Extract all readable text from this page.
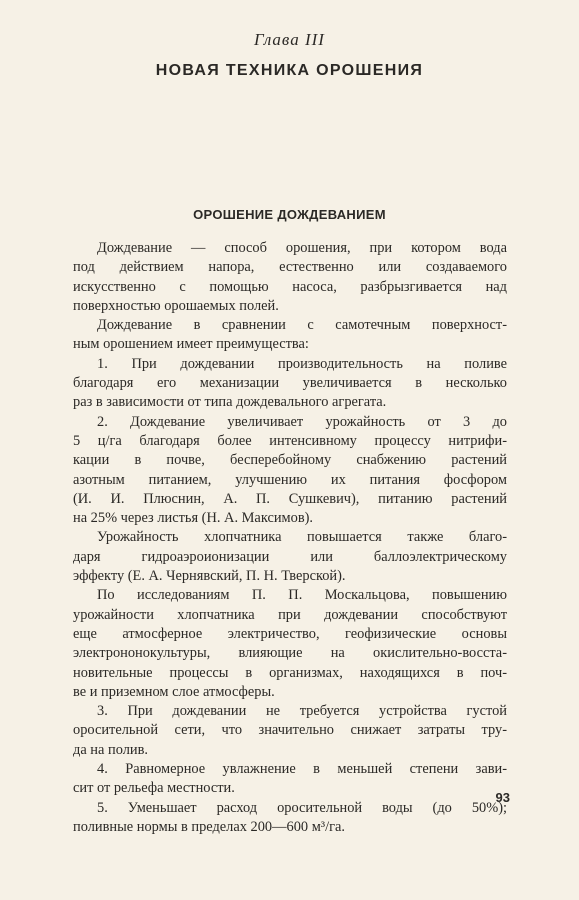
Глава III
НОВАЯ ТЕХНИКА ОРОШЕНИЯ
ОРОШЕНИЕ ДОЖДЕВАНИЕМ
Дождевание — способ орошения, при котором вода
под действием напора, естественно или создаваемого
искусственно с помощью насоса, разбрызгивается над
поверхностью орошаемых полей.
Дождевание в сравнении с самотечным поверхност-
ным орошением имеет преимущества:
1. При дождевании производительность на поливе
благодаря его механизации увеличивается в несколько
раз в зависимости от типа дождевального агрегата.
2. Дождевание увеличивает урожайность от 3 до
5 ц/га благодаря более интенсивному процессу нитрифи-
кации в почве, бесперебойному снабжению растений
азотным питанием, улучшению их питания фосфором
(И. И. Плюснин, А. П. Сушкевич), питанию растений
на 25% через листья (Н. А. Максимов).
Урожайность хлопчатника повышается также благо-
даря гидроаэроионизации или баллоэлектрическому
эффекту (Е. А. Чернявский, П. Н. Тверской).
По исследованиям П. П. Москальцова, повышению
урожайности хлопчатника при дождевании способствуют
еще атмосферное электричество, геофизические основы
электрононокультуры, влияющие на окислительно-восста-
новительные процессы в организмах, находящихся в поч-
ве и приземном слое атмосферы.
3. При дождевании не требуется устройства густой
оросительной сети, что значительно снижает затраты тру-
да на полив.
4. Равномерное увлажнение в меньшей степени зави-
сит от рельефа местности.
5. Уменьшает расход оросительной воды (до 50%);
поливные нормы в пределах 200—600 м³/га.
93
